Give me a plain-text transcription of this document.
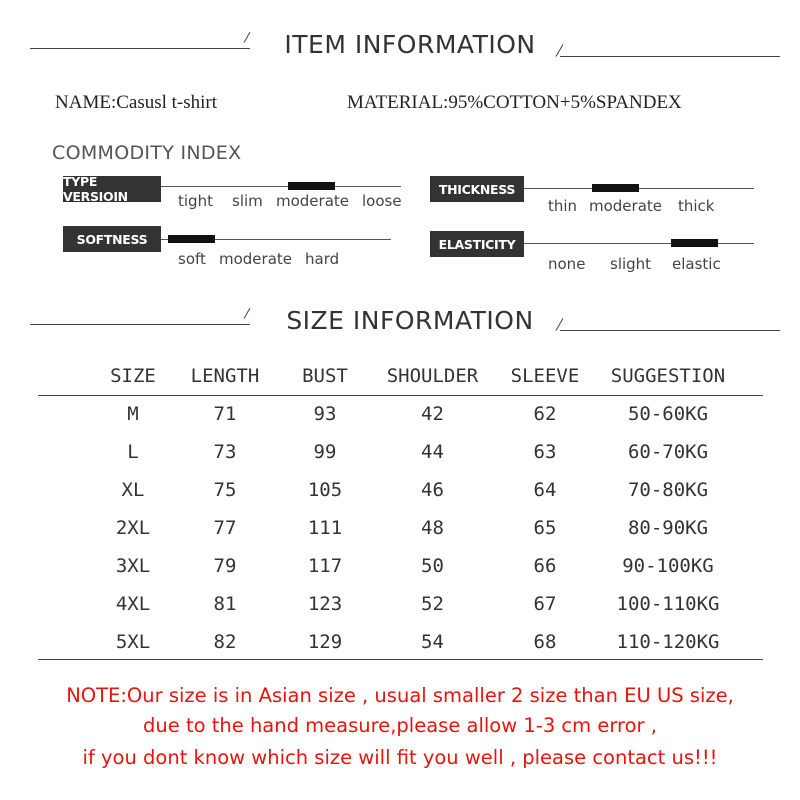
ITEM INFORMATION
NAME:Casusl t-shirt	MATERIAL:95%COTTON+5%SPANDEX
COMMODITY INDEX
TYPE VERSIOIN	tight slim moderate loose
THICKNESS
thin moderate thick
SOFTNESS
soft moderate hard
ELASTICITY
none slight elastic
SIZE INFORMATION
SIZE	LENGTH	BUST	SHOULDER	SLEEVE	SUGGESTION
M	71	93	42	62	50-60KG
L	73	99	44	63	60-70KG
XL	75	105	46	64	70-80KG
2XL	77	111	48	65	80-90KG
3XL	79	117	50	66	90-100KG
4XL	81	123	52	67	100-110KG
5XL	82	129	54	68	110-120KG
NOTE:Our size is in Asian size , usual smaller 2 size than EU US size,
due to the hand measure,please allow 1-3 cm error ,
if you dont know which size will fit you well , please contact us!!!
